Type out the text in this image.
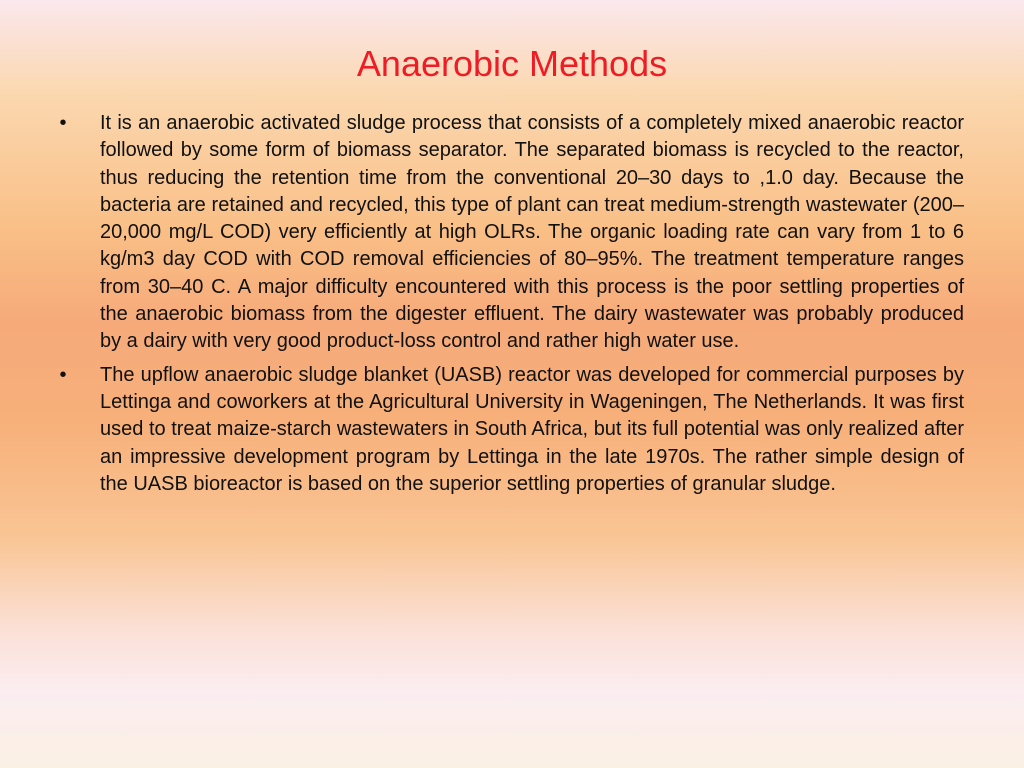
Anaerobic Methods
• It is an anaerobic activated sludge process that consists of a completely mixed anaerobic reactor followed by some form of biomass separator. The separated biomass is recycled to the reactor, thus reducing the retention time from the conventional 20–30 days to ,1.0 day. Because the bacteria are retained and recycled, this type of plant can treat medium-strength wastewater (200–20,000 mg/L COD) very efficiently at high OLRs. The organic loading rate can vary from 1 to 6 kg/m3 day COD with COD removal efficiencies of 80–95%. The treatment temperature ranges from 30–40 C. A major difficulty encountered with this process is the poor settling properties of the anaerobic biomass from the digester effluent. The dairy wastewater was probably produced by a dairy with very good product-loss control and rather high water use.
• The upflow anaerobic sludge blanket (UASB) reactor was developed for commercial purposes by Lettinga and coworkers at the Agricultural University in Wageningen, The Netherlands. It was first used to treat maize-starch wastewaters in South Africa, but its full potential was only realized after an impressive development program by Lettinga in the late 1970s. The rather simple design of the UASB bioreactor is based on the superior settling properties of granular sludge.
